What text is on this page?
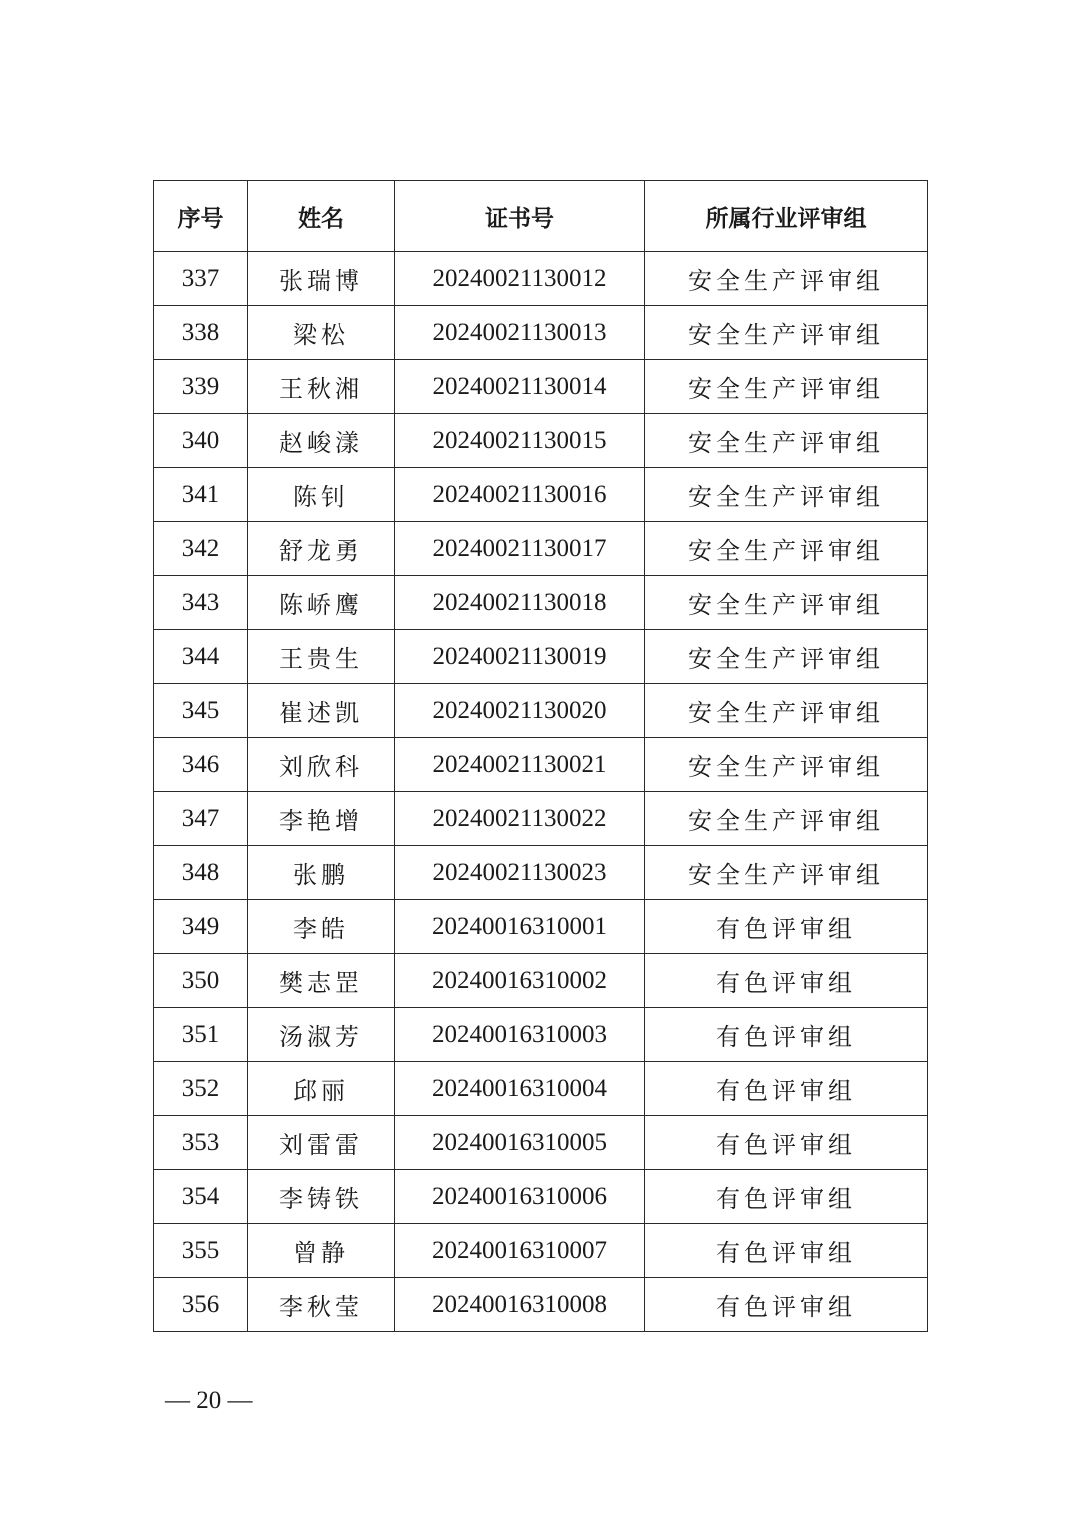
序号	姓名	证书号	所属行业评审组
337	张瑞博	20240021130012	安全生产评审组
338	梁松	20240021130013	安全生产评审组
339	王秋湘	20240021130014	安全生产评审组
340	赵峻漾	20240021130015	安全生产评审组
341	陈钊	20240021130016	安全生产评审组
342	舒龙勇	20240021130017	安全生产评审组
343	陈峤鹰	20240021130018	安全生产评审组
344	王贵生	20240021130019	安全生产评审组
345	崔述凯	20240021130020	安全生产评审组
346	刘欣科	20240021130021	安全生产评审组
347	李艳增	20240021130022	安全生产评审组
348	张鹏	20240021130023	安全生产评审组
349	李皓	20240016310001	有色评审组
350	樊志罡	20240016310002	有色评审组
351	汤淑芳	20240016310003	有色评审组
352	邱丽	20240016310004	有色评审组
353	刘雷雷	20240016310005	有色评审组
354	李铸铁	20240016310006	有色评审组
355	曾静	20240016310007	有色评审组
356	李秋莹	20240016310008	有色评审组
— 20 —
